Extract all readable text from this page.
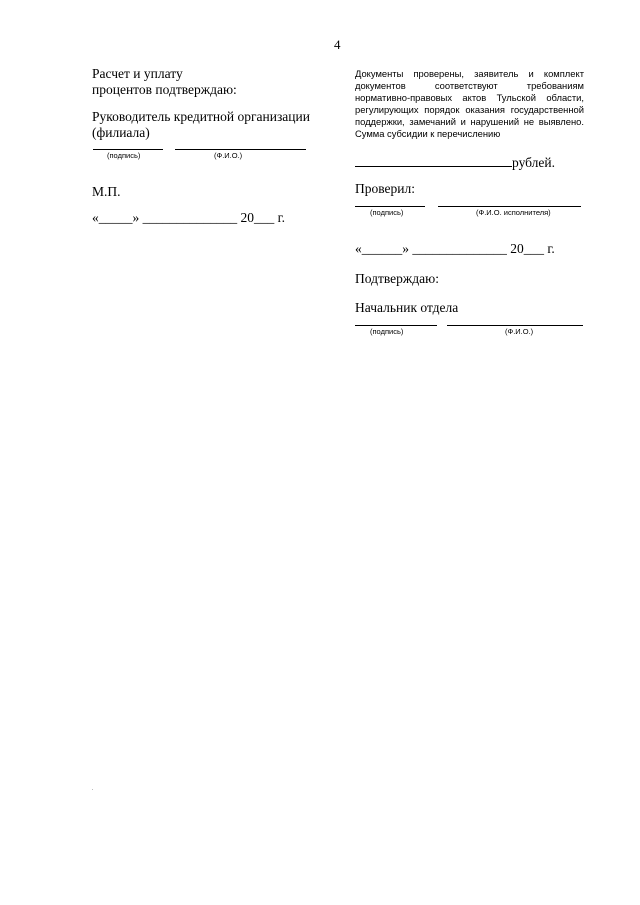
4
Расчет и уплату
процентов подтверждаю:
Руководитель кредитной организации
(филиала)
(подпись)	(Ф.И.О.)
М.П.
«_____» ______________ 20___ г.
Документы проверены, заявитель и комплект документов соответствуют требованиям нормативно-правовых актов Тульской области, регулирующих порядок оказания государственной поддержки, замечаний и нарушений не выявлено. Сумма субсидии к перечислению
рублей.
Проверил:
(подпись)	(Ф.И.О. исполнителя)
«______» ______________ 20___ г.
Подтверждаю:
Начальник отдела
(подпись)	(Ф.И.О.)
